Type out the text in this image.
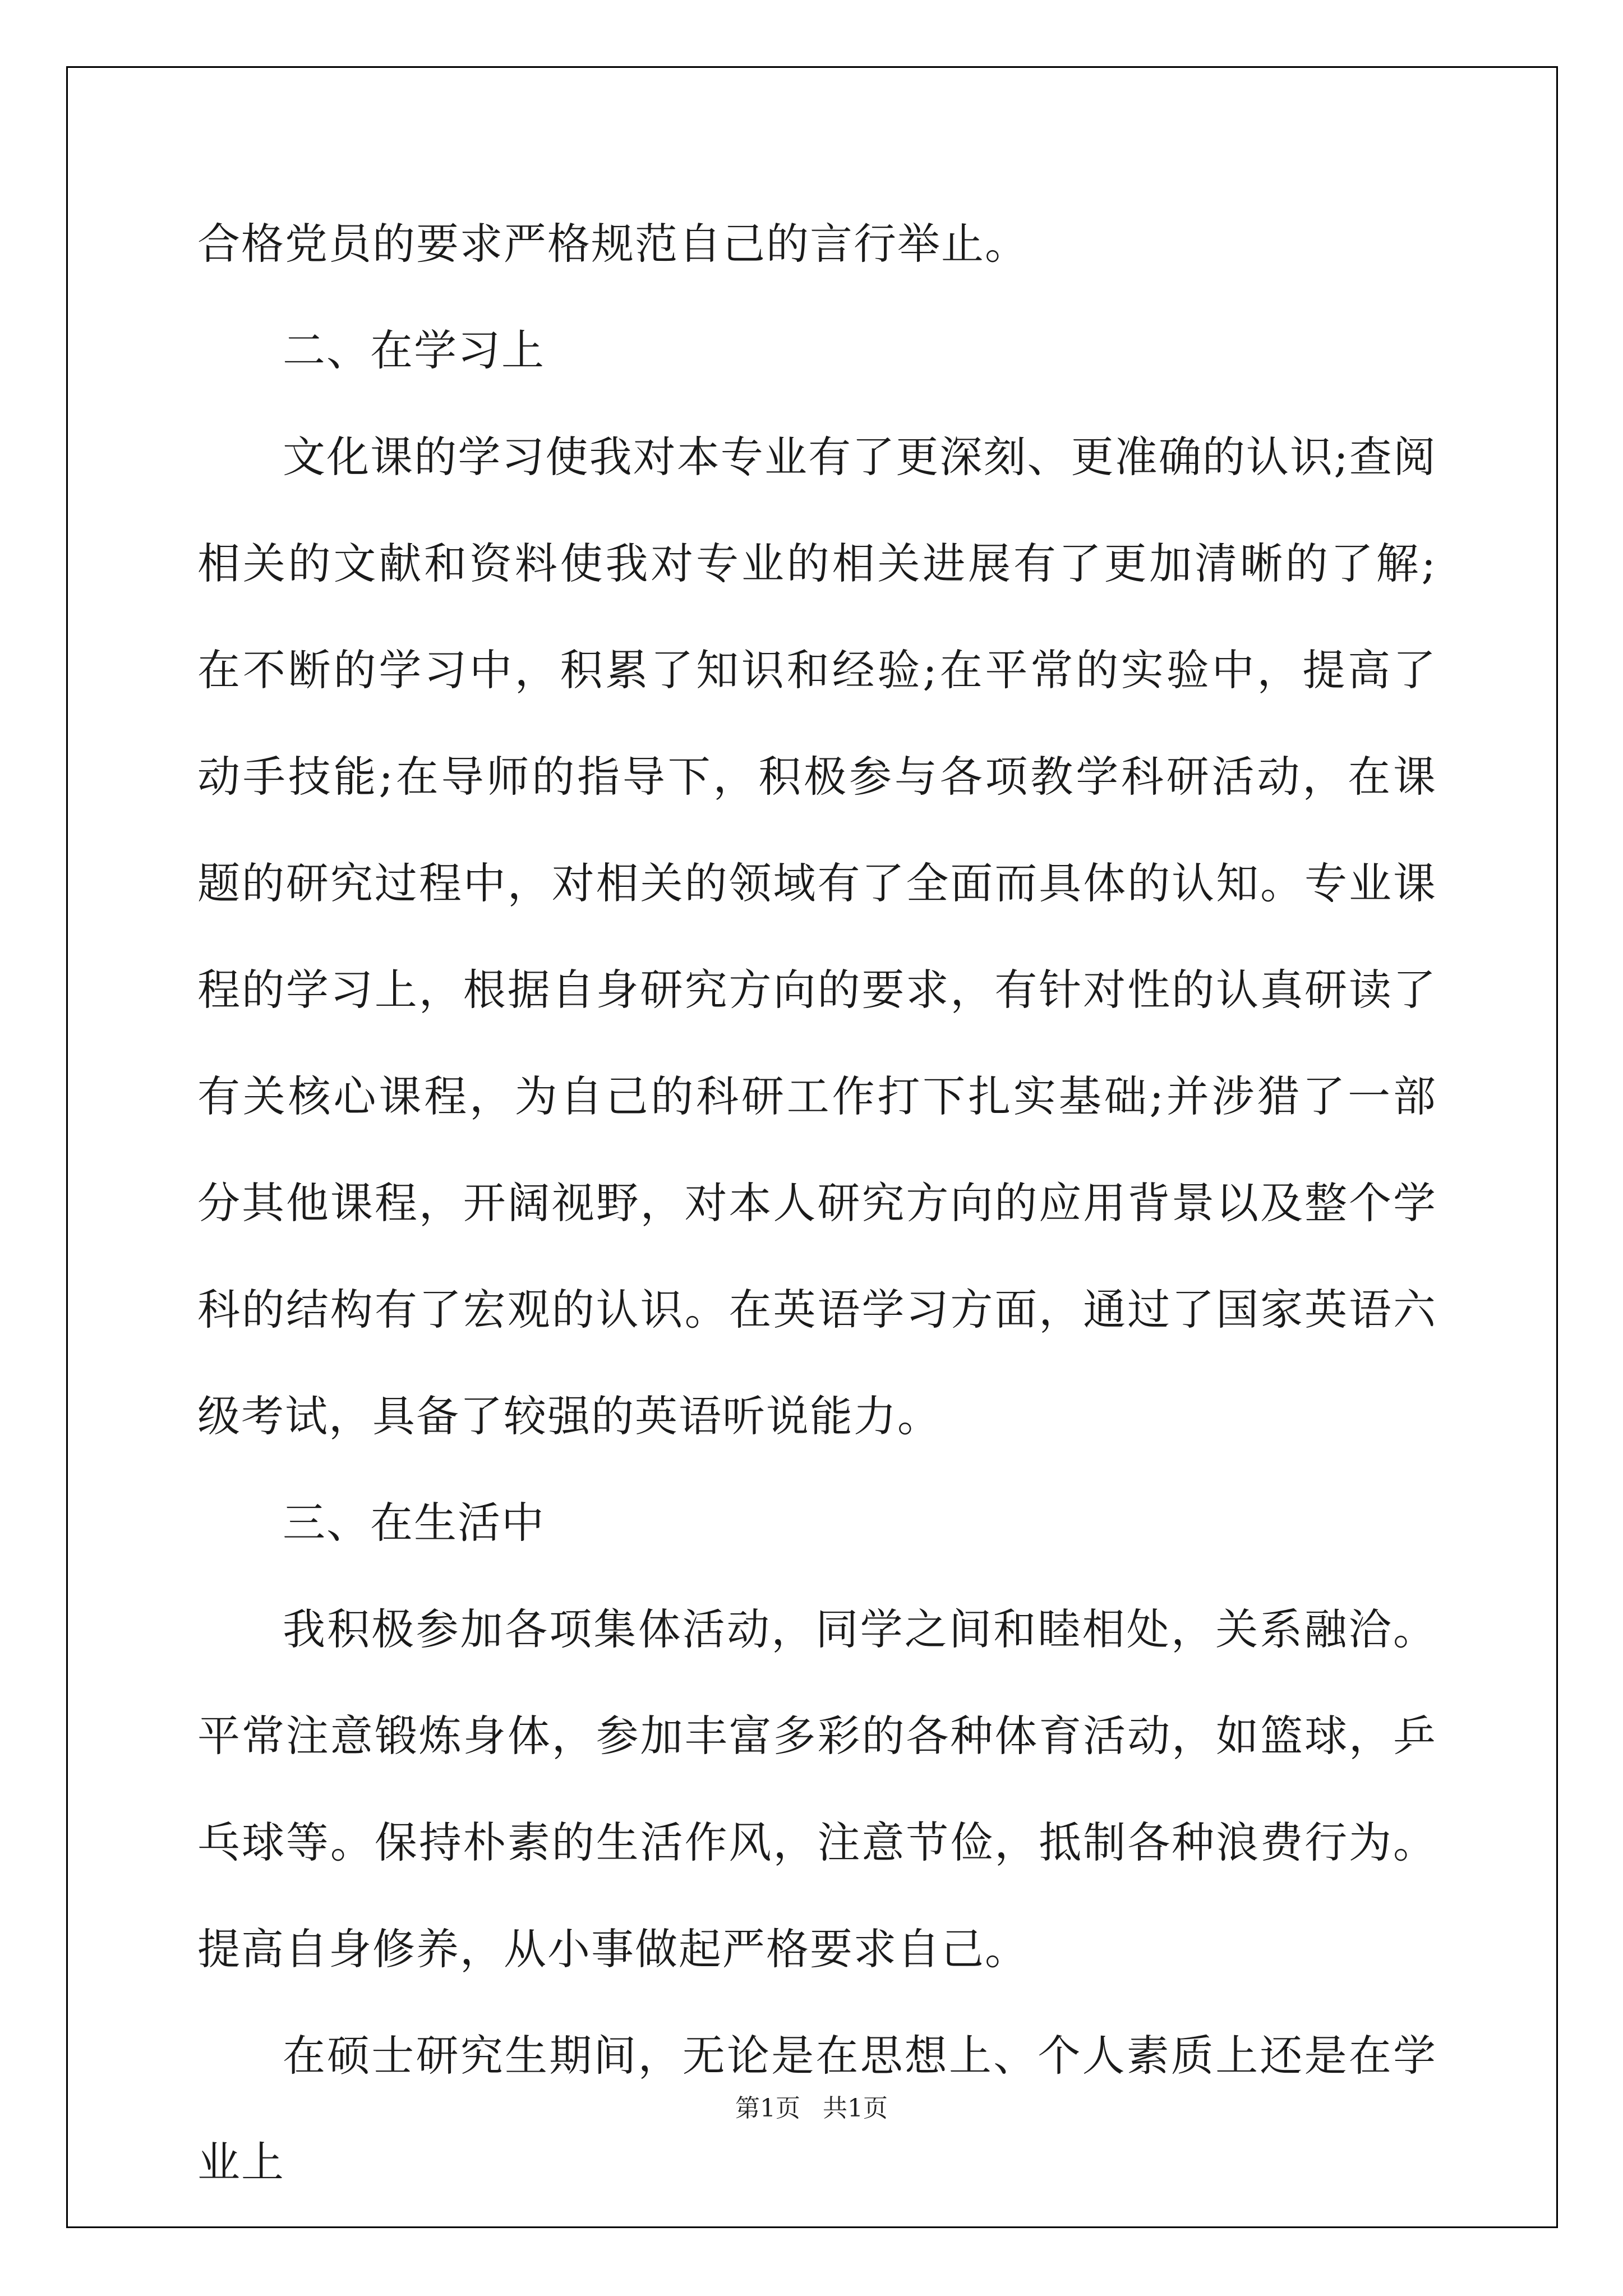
合格党员的要求严格规范自己的言行举止。

二、在学习上

文化课的学习使我对本专业有了更深刻、更准确的认识;查阅相关的文献和资料使我对专业的相关进展有了更加清晰的了解;在不断的学习中，积累了知识和经验;在平常的实验中，提高了动手技能;在导师的指导下，积极参与各项教学科研活动，在课题的研究过程中，对相关的领域有了全面而具体的认知。专业课程的学习上，根据自身研究方向的要求，有针对性的认真研读了有关核心课程，为自己的科研工作打下扎实基础;并涉猎了一部分其他课程，开阔视野，对本人研究方向的应用背景以及整个学科的结构有了宏观的认识。在英语学习方面，通过了国家英语六级考试，具备了较强的英语听说能力。

三、在生活中

我积极参加各项集体活动，同学之间和睦相处，关系融洽。平常注意锻炼身体，参加丰富多彩的各种体育活动，如篮球，乒乓球等。保持朴素的生活作风，注意节俭，抵制各种浪费行为。提高自身修养，从小事做起严格要求自己。

在硕士研究生期间，无论是在思想上、个人素质上还是在学业上

第1页 共1页
